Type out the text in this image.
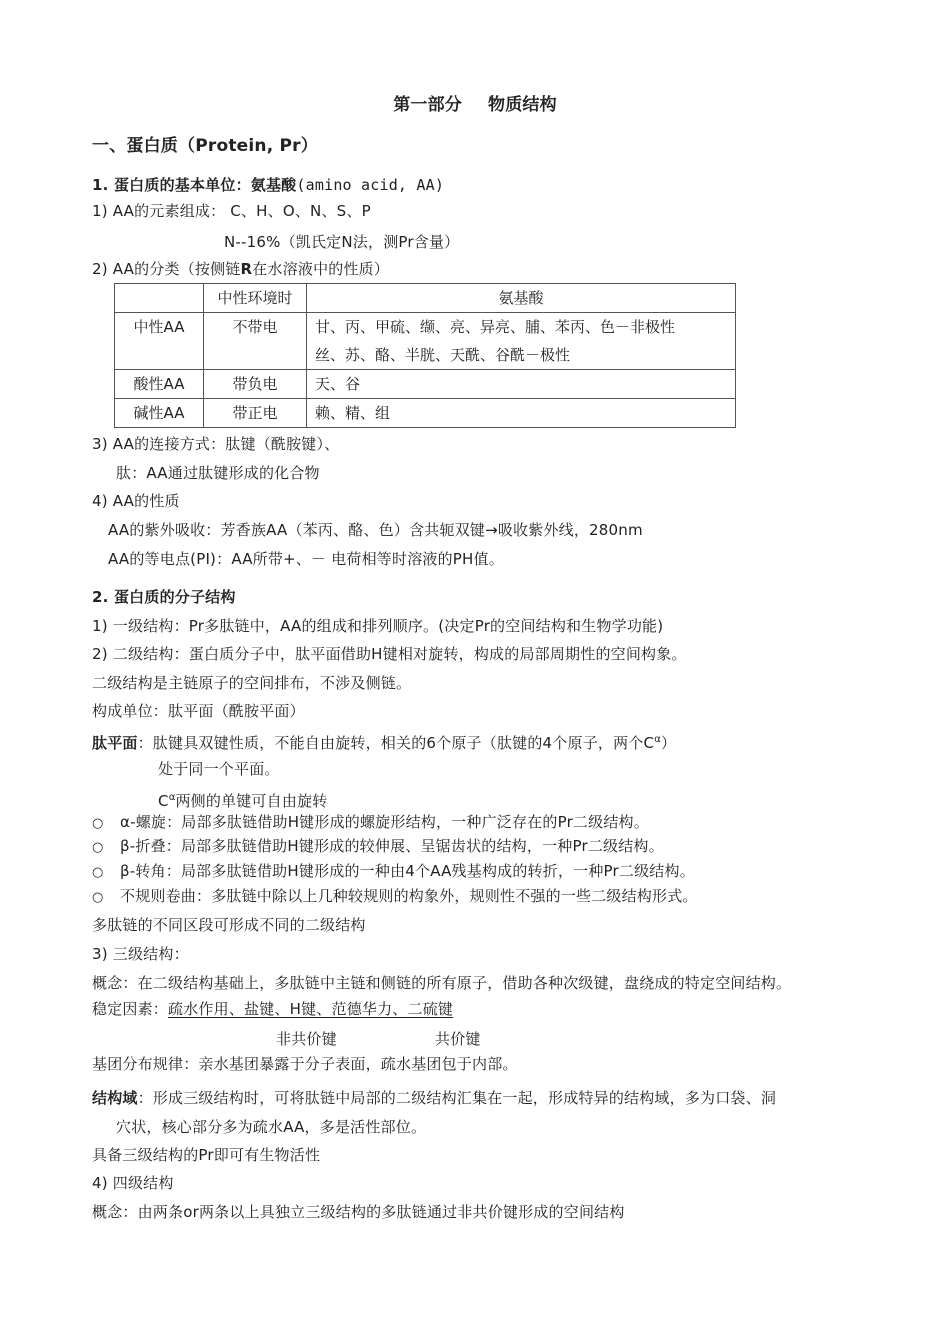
第一部分 物质结构
一、蛋白质（Protein, Pr）
1. 蛋白质的基本单位：氨基酸(amino acid, AA)
1) AA的元素组成： C、H、O、N、S、P
N--16%（凯氏定N法，测Pr含量）
2) AA的分类（按侧链R在水溶液中的性质）
	中性环境时	氨基酸
中性AA	不带电	甘、丙、甲硫、缬、亮、异亮、脯、苯丙、色－非极性
丝、苏、酪、半胱、天酰、谷酰－极性

酸性AA	带负电	天、谷
碱性AA	带正电	赖、精、组
3) AA的连接方式：肽键（酰胺键）、
肽：AA通过肽键形成的化合物
4) AA的性质
AA的紫外吸收：芳香族AA（苯丙、酪、色）含共轭双键→吸收紫外线，280nm
AA的等电点(PI)：AA所带+、－ 电荷相等时溶液的PH值。
2. 蛋白质的分子结构
1) 一级结构：Pr多肽链中，AA的组成和排列顺序。(决定Pr的空间结构和生物学功能)
2) 二级结构：蛋白质分子中，肽平面借助H键相对旋转，构成的局部周期性的空间构象。
二级结构是主链原子的空间排布，不涉及侧链。
构成单位：肽平面（酰胺平面）
肽平面：肽键具双键性质，不能自由旋转，相关的6个原子（肽键的4个原子，两个$C^\alpha$）
处于同一个平面。
$C^\alpha$两侧的单键可自由旋转
○ α-螺旋：局部多肽链借助H键形成的螺旋形结构，一种广泛存在的Pr二级结构。
○ β-折叠：局部多肽链借助H键形成的较伸展、呈锯齿状的结构，一种Pr二级结构。
○ β-转角：局部多肽链借助H键形成的一种由4个AA残基构成的转折，一种Pr二级结构。
○ 不规则卷曲：多肽链中除以上几种较规则的构象外，规则性不强的一些二级结构形式。
多肽链的不同区段可形成不同的二级结构
3) 三级结构：
概念：在二级结构基础上，多肽链中主链和侧链的所有原子，借助各种次级键，盘绕成的特定空间结构。
稳定因素：疏水作用、盐键、H键、范德华力、二硫键
非共价键	共价键
基团分布规律：亲水基团暴露于分子表面，疏水基团包于内部。
结构域：形成三级结构时，可将肽链中局部的二级结构汇集在一起，形成特异的结构域，多为口袋、洞
穴状，核心部分多为疏水AA，多是活性部位。
具备三级结构的Pr即可有生物活性
4) 四级结构
概念：由两条or两条以上具独立三级结构的多肽链通过非共价键形成的空间结构
